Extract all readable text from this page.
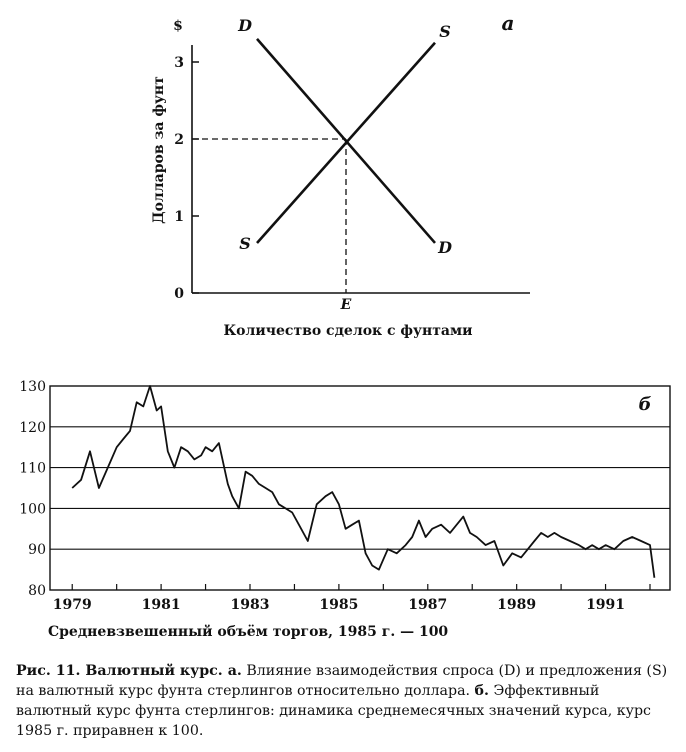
0
1
2
3
$
Долларов за фунт
Количество сделок с фунтами
а
D
D
S
S
E
130
120
110
100
90
80
1979	1981	1983	1985	1987	1989	1991
б
Средневзвешенный объём торгов, 1985 г. — 100
Рис. 11. Валютный курс. а. Влияние взаимодействия спроса (D) и предложения (S) на валютный курс фунта стерлингов относительно доллара. б. Эффективный валютный курс фунта стерлингов: динамика среднемесячных значений курса, курс 1985 г. приравнен к 100.
